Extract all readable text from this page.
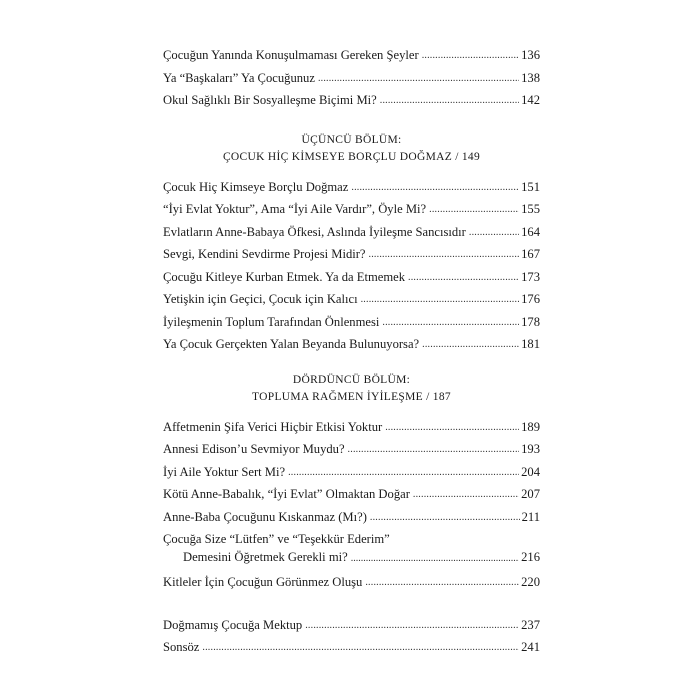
Çocuğun Yanında Konuşulmaması Gereken Şeyler .....	136
Ya “Başkaları” Ya Çocuğunuz .....	138
Okul Sağlıklı Bir Sosyalleşme Biçimi Mi? .....	142
ÜÇÜNCÜ BÖLÜM:
ÇOCUK HİÇ KİMSEYE BORÇLU DOĞMAZ / 149
Çocuk Hiç Kimseye Borçlu Doğmaz .....	151
“İyi Evlat Yoktur”, Ama “İyi Aile Vardır”, Öyle Mi? .....	155
Evlatların Anne-Babaya Öfkesi, Aslında İyileşme Sancısıdır .....	164
Sevgi, Kendini Sevdirme Projesi Midir? .....	167
Çocuğu Kitleye Kurban Etmek. Ya da Etmemek .....	173
Yetişkin için Geçici, Çocuk için Kalıcı .....	176
İyileşmenin Toplum Tarafından Önlenmesi .....	178
Ya Çocuk Gerçekten Yalan Beyanda Bulunuyorsa? .....	181
DÖRDÜNCÜ BÖLÜM:
TOPLUMA RAĞMEN İYİLEŞME / 187
Affetmenin Şifa Verici Hiçbir Etkisi Yoktur .....	189
Annesi Edison’u Sevmiyor Muydu? .....	193
İyi Aile Yoktur Sert Mi? .....	204
Kötü Anne-Babalık, “İyi Evlat” Olmaktan Doğar .....	207
Anne-Baba Çocuğunu Kıskanmaz (Mı?) .....	211
Çocuğa Size “Lütfen” ve “Teşekkür Ederim”
Demesini Öğretmek Gerekli mi? .....	216
Kitleler İçin Çocuğun Görünmez Oluşu .....	220
Doğmamış Çocuğa Mektup .....	237
Sonsöz .....	241
